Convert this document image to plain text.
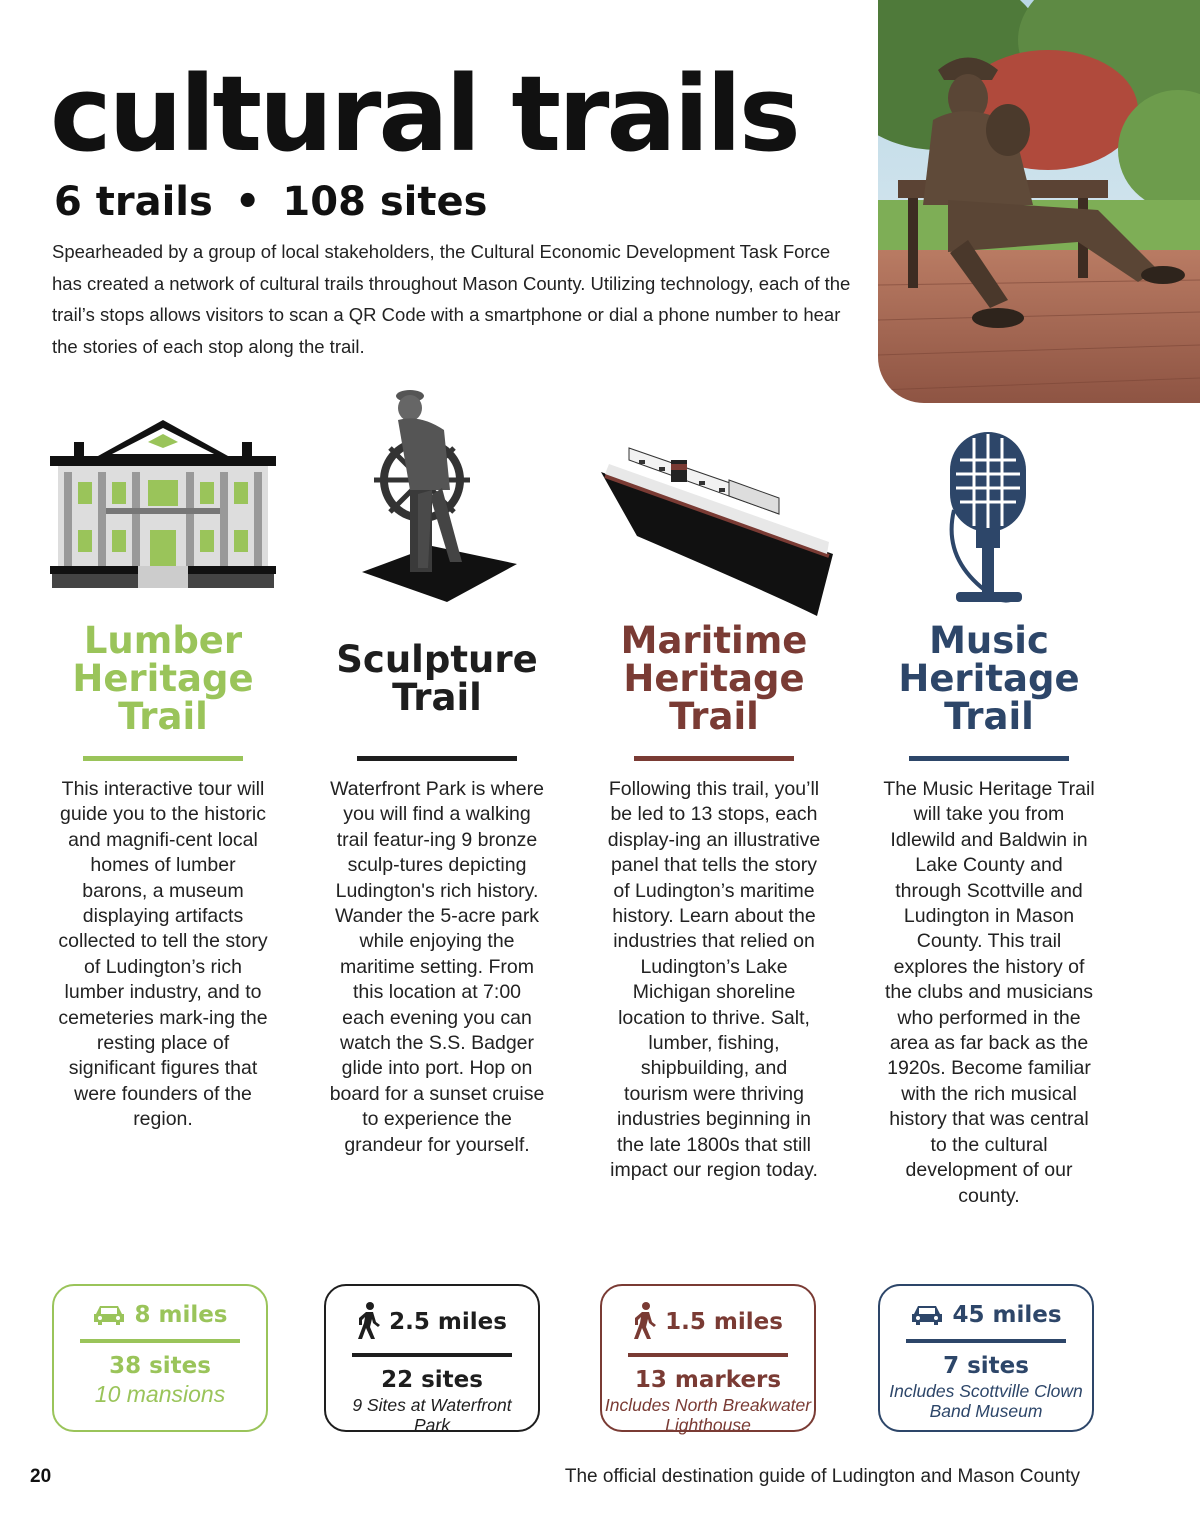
cultural trails
6 trails • 108 sites

Spearheaded by a group of local stakeholders, the Cultural Economic Development Task Force has created a network of cultural trails throughout Mason County. Utilizing technology, each of the trail’s stops allows visitors to scan a QR Code with a smartphone or dial a phone number to hear the stories of each stop along the trail.

Lumber
Heritage
Trail

This interactive tour will guide you to the historic and magnifi-cent local homes of lumber barons, a museum displaying artifacts collected to tell the story of Ludington’s rich lumber industry, and to cemeteries mark-ing the resting place of significant figures that were founders of the region.

Sculpture
Trail

Waterfront Park is where you will find a walking trail featur-ing 9 bronze sculp-tures depicting Ludington's rich history. Wander the 5-acre park while enjoying the maritime setting. From this location at 7:00 each evening you can watch the S.S. Badger glide into port. Hop on board for a sunset cruise to experience the grandeur for yourself.

Maritime
Heritage
Trail

Following this trail, you’ll be led to 13 stops, each display-ing an illustrative panel that tells the story of Ludington’s maritime history. Learn about the industries that relied on Ludington’s Lake Michigan shoreline location to thrive. Salt, lumber, fishing, shipbuilding, and tourism were thriving industries beginning in the late 1800s that still impact our region today.

Music
Heritage
Trail

The Music Heritage Trail will take you from Idlewild and Baldwin in Lake County and through Scottville and Ludington in Mason County. This trail explores the history of the clubs and musicians who performed in the area as far back as the 1920s. Become familiar with the rich musical history that was central to the cultural development of our county.

8 miles
38 sites
10 mansions
2.5 miles
22 sites
9 Sites at Waterfront Park
1.5 miles
13 markers
Includes North Breakwater Lighthouse
45 miles
7 sites
Includes Scottville Clown Band Museum
20	The official destination guide of Ludington and Mason County
